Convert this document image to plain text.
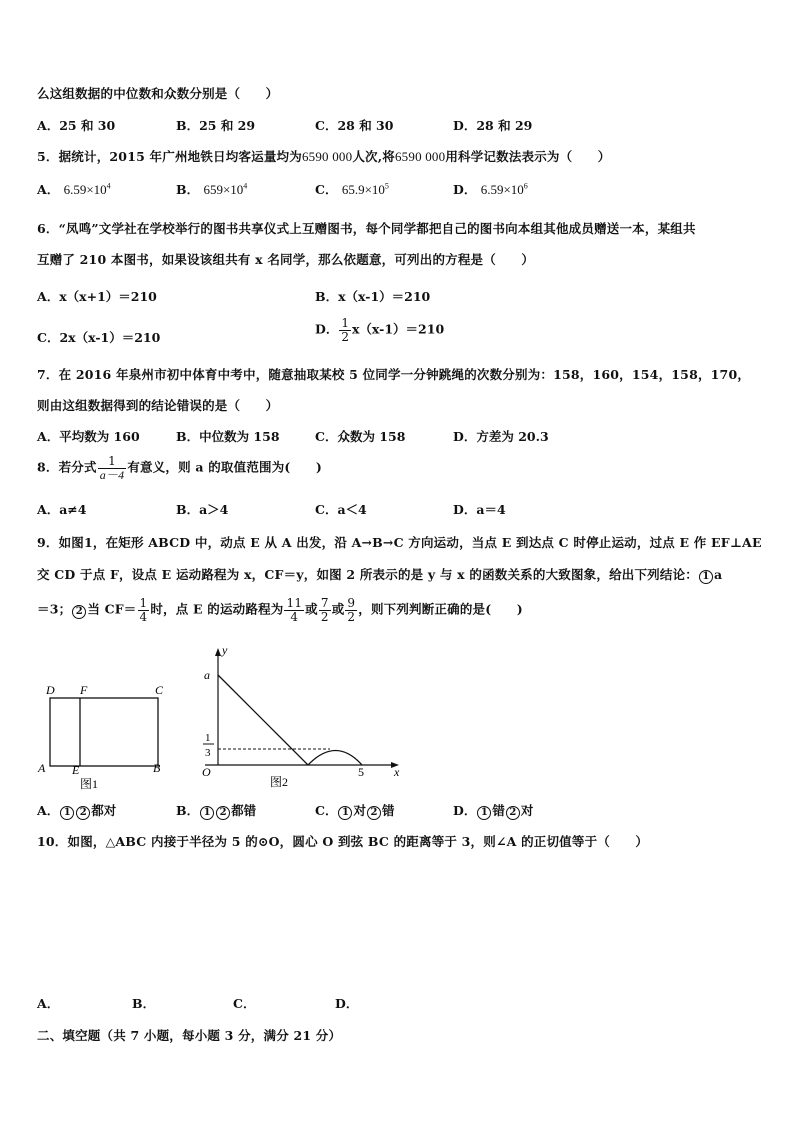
么这组数据的中位数和众数分别是（　　）
A．25 和 30	B．25 和 29	C．28 和 30	D．28 和 29
5．据统计，2015 年广州地铁日均客运量均为6590 000人次,将6590 000用科学记数法表示为（　　）
A． $6.59\times 10^4$	B． $659\times 10^4$	C． $65.9\times 10^5$	D． $6.59\times 10^6$
6．“凤鸣”文学社在学校举行的图书共享仪式上互赠图书，每个同学都把自己的图书向本组其他成员赠送一本，某组共
互赠了 210 本图书，如果设该组共有 x 名同学，那么依题意，可列出的方程是（　　）
A．x（x+1）＝210	B．x（x-1）＝210
C．2x（x-1）＝210
D． $\frac{1}{2} x(x-1)=210$
7．在 2016 年泉州市初中体育中考中，随意抽取某校 5 位同学一分钟跳绳的次数分别为：158，160，154，158，170，
则由这组数据得到的结论错误的是（　　）
A．平均数为 160	B．中位数为 158	C．众数为 158	D．方差为 20.3
8．若分式 $\frac{1}{a-4}$ 有意义，则 a 的取值范围为(　　)
A．a≠4	B．a＞4	C．a＜4	D．a＝4
9．如图1，在矩形 ABCD 中，动点 E 从 A 出发，沿 A→B→C 方向运动，当点 E 到达点 C 时停止运动，过点 E 作 EF⊥AE
交 CD 于点 F，设点 E 运动路程为 x，CF＝y，如图 2 所表示的是 y 与 x 的函数关系的大致图象，给出下列结论： 1 a
＝3； 2 当 $CF= \frac{1}{4}$ 时，点 E 的运动路程为 $\frac{11}{4}$ 或 $\frac{7}{2}$ 或 $\frac{9}{2}$ ，则下列判断正确的是(　　)
D F	C
A E	B
图1
y
a
1
3
O	5	x
图2
A． 1 2 都对	B． 1 2 都错	C． 1 对 2 错	D． 1 错 2 对
10．如图，△ABC 内接于半径为 5 的⊙O，圆心 O 到弦 BC 的距离等于 3，则∠A 的正切值等于（　　）
A．	B．	C．	D．
二、填空题（共 7 小题，每小题 3 分，满分 21 分）
